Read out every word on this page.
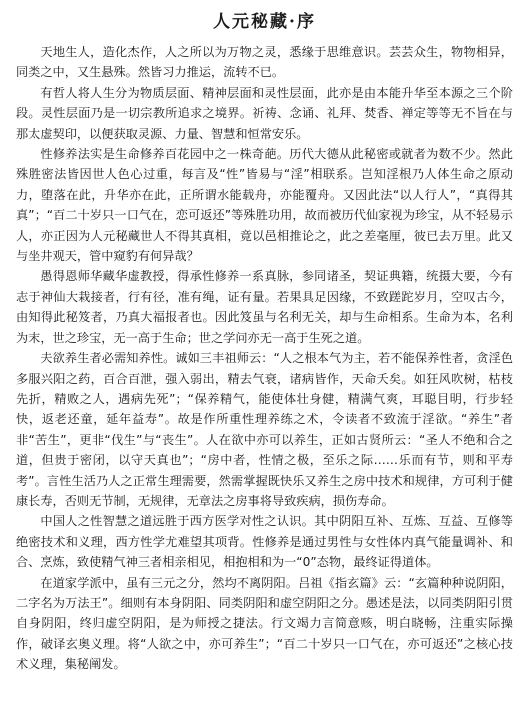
人元秘藏·序

天地生人，造化杰作，人之所以为万物之灵，悉缘于思维意识。芸芸众生，物物相异，同类之中，又生悬殊。然皆习力推运，流转不已。

有哲人将人生分为物质层面、精神层面和灵性层面，此亦是由本能升华至本源之三个阶段。灵性层面乃是一切宗教所追求之境界。祈祷、念诵、礼拜、焚香、禅定等等无不旨在与那太虚契印，以便获取灵源、力量、智慧和恒常安乐。

性修养法实是生命修养百花园中之一株奇葩。历代大德从此秘密或就者为数不少。然此殊胜密法皆因世人色心过重，每言及“性”皆易与“淫”相联系。岂知淫根乃人体生命之原动力，堕落在此，升华亦在此，正所谓水能载舟，亦能覆舟。又因此法“以人行人”，“真得其真”；“百二十岁只一口气在，恋可返还”等殊胜功用，故而被历代仙家视为珍宝，从不轻易示人，亦正因为人元秘藏世人不得其真相，竟以邑相推论之，此之差毫厘，彼已去万里。此又与坐井观天，管中窥豹有何异哉？

愚得恩师华藏华虚教授，得承性修养一系真脉，参同诸圣，契证典籍，统摄大要，今有志于神仙大栽接者，行有径，准有绳，证有量。若果具足因缘，不致蹉跎岁月，空叹古今，由知得此秘笈者，乃真大福报者也。因此笈虽与名利无关，却与生命相系。生命为本，名利为末，世之珍宝，无一高于生命；世之学问亦无一高于生死之道。

夫欲养生者必需知养性。诚如三丰祖师云：“人之根本气为主，若不能保养性者，贪淫色多服兴阳之药，百合百泄，强入弱出，精去气衰，诸病皆作，天命夭矣。如狂风吹树，枯枝先折，精败之人，遇病先死”；“保养精气，能使体壮身健，精满气爽，耳聪目明，行步轻快，返老还童，延年益寿”。故是作所重性理养练之术，令读者不致流于淫欲。“养生”者非“苦生”，更非“伐生”与“丧生”。人在欲中亦可以养生，正如古贤所云：“圣人不绝和合之道，但贵于密闭，以守天真也”；“房中者，性情之极，至乐之际……乐而有节，则和平寿考”。言性生活乃人之正常生理需要，然需掌握既快乐又养生之房中技术和规律，方可利于健康长寿，否则无节制，无规律，无章法之房事将导致疾病，损伤寿命。

中国人之性智慧之道远胜于西方医学对性之认识。其中阴阳互补、互炼、互益、互修等绝密技术和义理，西方性学尤难望其项背。性修养是通过男性与女性体内真气能量调补、和合、烹炼，致使精气神三者相亲相见，相抱相和为一“0”态物，最终证得道体。

在道家学派中，虽有三元之分，然均不离阴阳。吕祖《指玄篇》云：“玄篇种种说阴阳，二字名为万法王”。细则有本身阴阳、同类阴阳和虚空阴阳之分。愚述是法，以同类阴阳引贯自身阴阳，终归虚空阴阳，是为师授之捷法。行文竭力言简意赅，明白晓畅，注重实际操作，破译玄奥义理。将“人欲之中，亦可养生”；“百二十岁只一口气在，亦可返还”之核心技术义理，集秘阐发。
